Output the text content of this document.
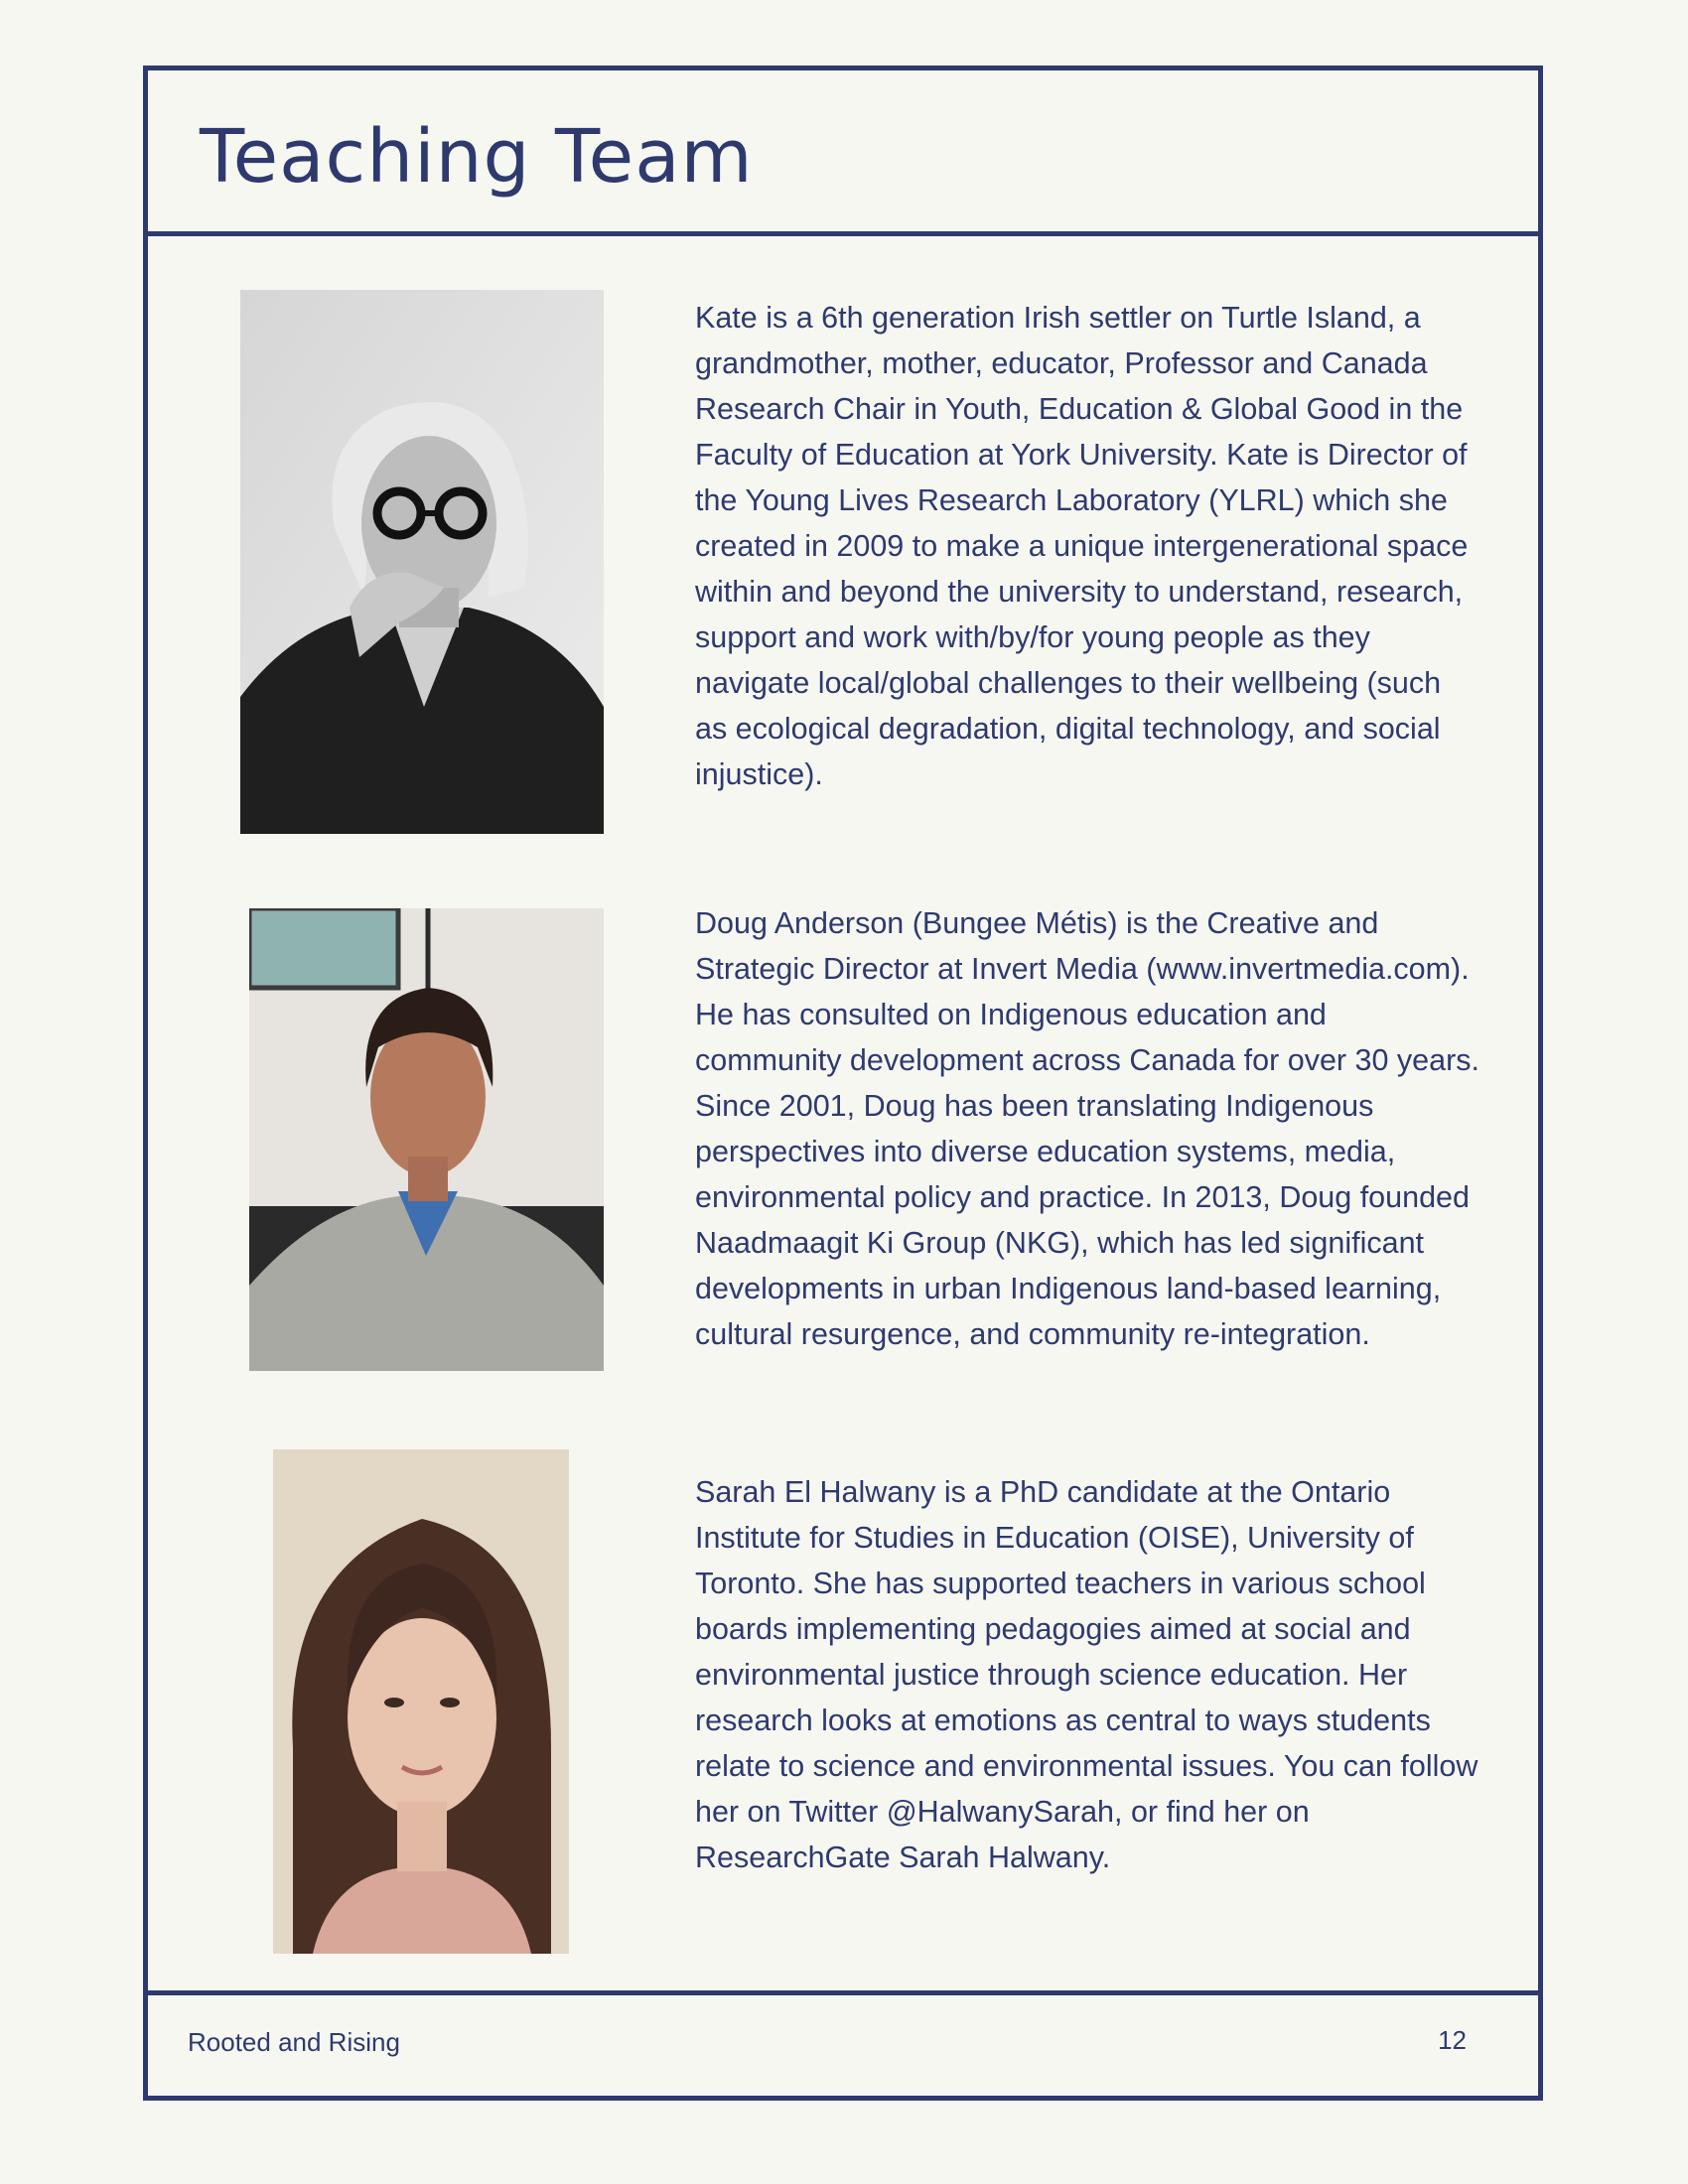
Teaching Team
Rooted and Rising	12

Kate is a 6th generation Irish settler on Turtle Island, a grandmother, mother, educator, Professor and Canada Research Chair in Youth, Education & Global Good in the Faculty of Education at York University. Kate is Director of the Young Lives Research Laboratory (YLRL) which she created in 2009 to make a unique intergenerational space within and beyond the university to understand, research, support and work with/by/for young people as they navigate local/global challenges to their wellbeing (such as ecological degradation, digital technology, and social injustice).

Doug Anderson (Bungee Métis) is the Creative and Strategic Director at Invert Media (www.invertmedia.com). He has consulted on Indigenous education and community development across Canada for over 30 years. Since 2001, Doug has been translating Indigenous perspectives into diverse education systems, media, environmental policy and practice. In 2013, Doug founded Naadmaagit Ki Group (NKG), which has led significant developments in urban Indigenous land-based learning, cultural resurgence, and community re-integration.

Sarah El Halwany is a PhD candidate at the Ontario Institute for Studies in Education (OISE), University of Toronto. She has supported teachers in various school boards implementing pedagogies aimed at social and environmental justice through science education. Her research looks at emotions as central to ways students relate to science and environmental issues. You can follow her on Twitter @HalwanySarah, or find her on ResearchGate Sarah Halwany.
